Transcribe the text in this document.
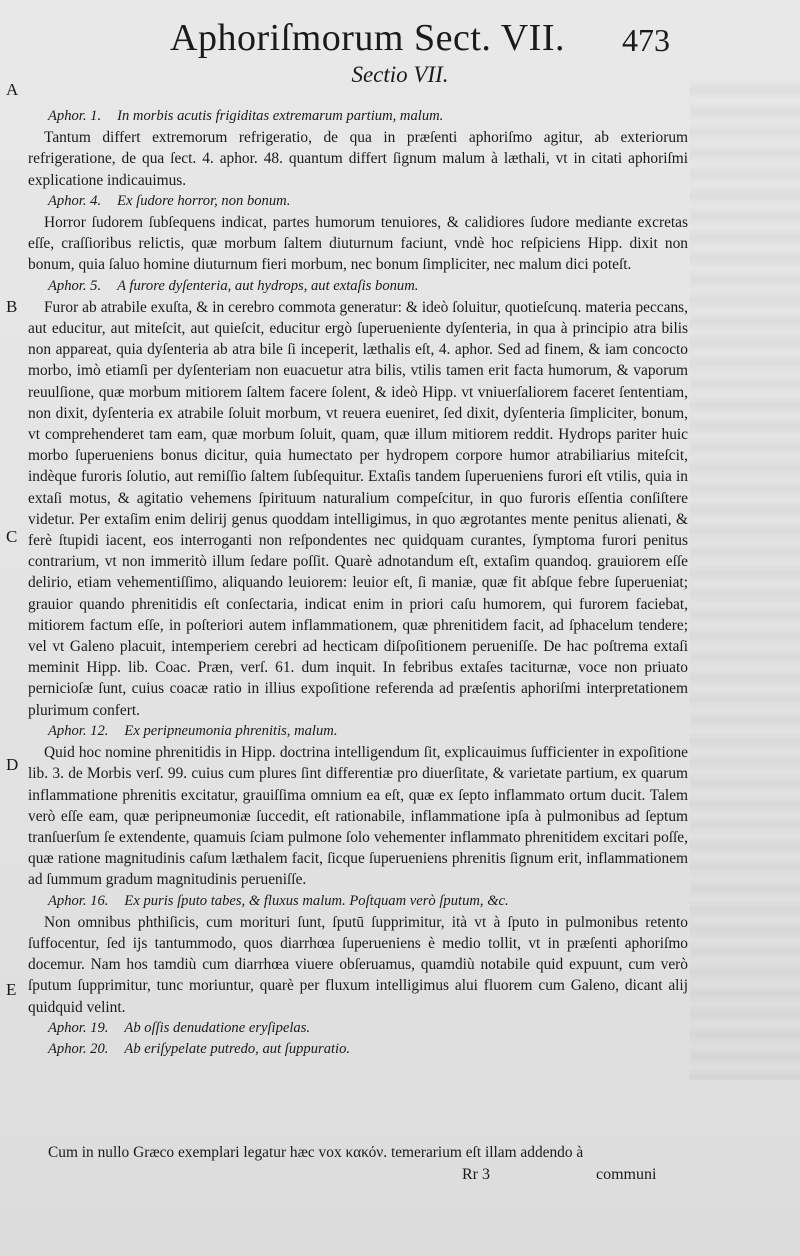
Aphoriſmorum Sect. VII. 473
Sectio VII.
A
B
C
D
E
Aphor. 1. In morbis acutis frigiditas extremarum partium, malum.

Tantum differt extremorum refrigeratio, de qua in præſenti aphoriſmo agitur, ab exteriorum refrigeratione, de qua ſect. 4. aphor. 48. quantum differt ſignum malum à læthali, vt in citati aphoriſmi explicatione indicauimus.

Aphor. 4. Ex ſudore horror, non bonum.

Horror ſudorem ſubſequens indicat, partes humorum tenuiores, & calidiores ſudore mediante excretas eſſe, craſſioribus relictis, quæ morbum ſaltem diuturnum faciunt, vndè hoc reſpiciens Hipp. dixit non bonum, quia ſaluo homine diuturnum fieri morbum, nec bonum ſimpliciter, nec malum dici poteſt.

Aphor. 5. A furore dyſenteria, aut hydrops, aut extaſis bonum.

Furor ab atrabile exuſta, & in cerebro commota generatur: & ideò ſoluitur, quotieſcunq. materia peccans, aut educitur, aut miteſcit, aut quieſcit, educitur ergò ſuperueniente dyſenteria, in qua à principio atra bilis non appareat, quia dyſenteria ab atra bile ſi inceperit, læthalis eſt, 4. aphor. Sed ad finem, & iam concocto morbo, imò etiamſi per dyſenteriam non euacuetur atra bilis, vtilis tamen erit facta humorum, & vaporum reuulſione, quæ morbum mitiorem ſaltem facere ſolent, & ideò Hipp. vt vniuerſaliorem faceret ſententiam, non dixit, dyſenteria ex atrabile ſoluit morbum, vt reuera eueniret, ſed dixit, dyſenteria ſimpliciter, bonum, vt comprehenderet tam eam, quæ morbum ſoluit, quam, quæ illum mitiorem reddit. Hydrops pariter huic morbo ſuperueniens bonus dicitur, quia humectato per hydropem corpore humor atrabiliarius miteſcit, indèque furoris ſolutio, aut remiſſio ſaltem ſubſequitur. Extaſis tandem ſuperueniens furori eſt vtilis, quia in extaſi motus, & agitatio vehemens ſpirituum naturalium compeſcitur, in quo furoris eſſentia conſiſtere videtur. Per extaſim enim delirij genus quoddam intelligimus, in quo ægrotantes mente penitus alienati, & ferè ſtupidi iacent, eos interroganti non reſpondentes nec quidquam curantes, ſymptoma furori penitus contrarium, vt non immeritò illum ſedare poſſit. Quarè adnotandum eſt, extaſim quandoq. grauiorem eſſe delirio, etiam vehementiſſimo, aliquando leuiorem: leuior eſt, ſi maniæ, quæ fit abſque febre ſuperueniat; grauior quando phrenitidis eſt conſectaria, indicat enim in priori caſu humorem, qui furorem faciebat, mitiorem factum eſſe, in poſteriori autem inflammationem, quæ phrenitidem facit, ad ſphacelum tendere; vel vt Galeno placuit, intemperiem cerebri ad hecticam diſpoſitionem perueniſſe. De hac poſtrema extaſi meminit Hipp. lib. Coac. Præn, verſ. 61. dum inquit. In febribus extaſes taciturnæ, voce non priuato pernicioſæ ſunt, cuius coacæ ratio in illius expoſitione referenda ad præſentis aphoriſmi interpretationem plurimum confert.

Aphor. 12. Ex peripneumonia phrenitis, malum.

Quid hoc nomine phrenitidis in Hipp. doctrina intelligendum ſit, explicauimus ſufficienter in expoſitione lib. 3. de Morbis verſ. 99. cuius cum plures ſint differentiæ pro diuerſitate, & varietate partium, ex quarum inflammatione phrenitis excitatur, grauiſſima omnium ea eſt, quæ ex ſepto inflammato ortum ducit. Talem verò eſſe eam, quæ peripneumoniæ ſuccedit, eſt rationabile, inflammatione ipſa à pulmonibus ad ſeptum tranſuerſum ſe extendente, quamuis ſciam pulmone ſolo vehementer inflammato phrenitidem excitari poſſe, quæ ratione magnitudinis caſum læthalem facit, ſicque ſuperueniens phrenitis ſignum erit, inflammationem ad ſummum gradum magnitudinis perueniſſe.

Aphor. 16. Ex puris ſputo tabes, & fluxus malum. Poſtquam verò ſputum, &c.

Non omnibus phthiſicis, cum morituri ſunt, ſputū ſupprimitur, ità vt à ſputo in pulmonibus retento ſuffocentur, ſed ijs tantummodo, quos diarrhœa ſuperueniens è medio tollit, vt in præſenti aphoriſmo docemur. Nam hos tamdiù cum diarrhœa viuere obſeruamus, quamdiù notabile quid expuunt, cum verò ſputum ſupprimitur, tunc moriuntur, quarè per fluxum intelligimus alui fluorem cum Galeno, dicant alij quidquid velint.

Aphor. 19. Ab oſſis denudatione eryſipelas.
Aphor. 20. Ab eriſypelate putredo, aut ſuppuratio.
Cum in nullo Græco exemplari legatur hæc vox κακόν. temerarium eſt illam addendo à
Rr 3	communi
